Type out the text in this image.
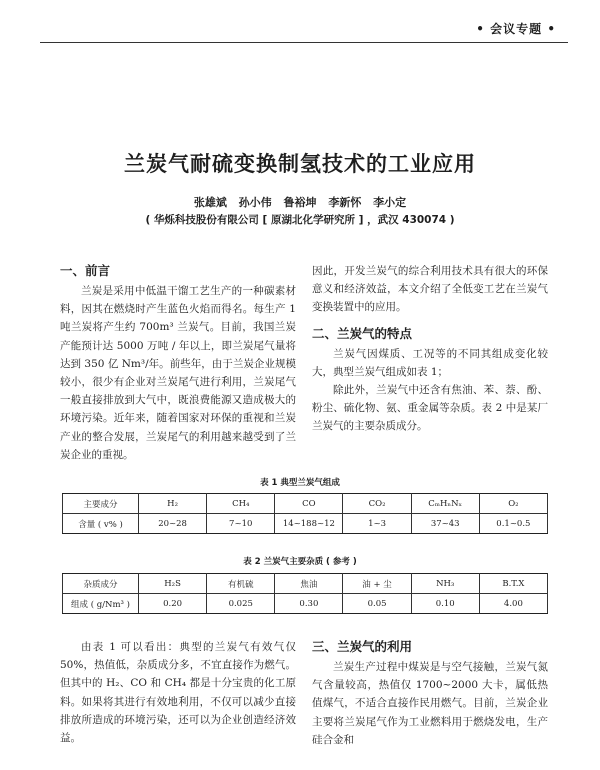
• 会议专题 •
兰炭气耐硫变换制氢技术的工业应用
张雄斌 孙小伟 鲁裕坤 李新怀 李小定
( 华烁科技股份有限公司 [ 原湖北化学研究所 ] ，武汉 430074 )
一、前言

兰炭是采用中低温干馏工艺生产的一种碳素材料，因其在燃烧时产生蓝色火焰而得名。每生产 1 吨兰炭将产生约 700m³ 兰炭气。目前，我国兰炭产能预计达 5000 万吨 / 年以上，即兰炭尾气量将达到 350 亿 Nm³/年。前些年，由于兰炭企业规模较小，很少有企业对兰炭尾气进行利用，兰炭尾气一般直接排放到大气中，既浪费能源又造成极大的环境污染。近年来，随着国家对环保的重视和兰炭产业的整合发展，兰炭尾气的利用越来越受到了兰炭企业的重视。

因此，开发兰炭气的综合利用技术具有很大的环保意义和经济效益，本文介绍了全低变工艺在兰炭气变换装置中的应用。

二、兰炭气的特点

兰炭气因煤质、工况等的不同其组成变化较大，典型兰炭气组成如表 1；

除此外，兰炭气中还含有焦油、苯、萘、酚、粉尘、硫化物、氨、重金属等杂质。表 2 中是某厂兰炭气的主要杂质成分。

表 1 典型兰炭气组成
主要成分	H₂	CH₄	CO	CO₂	CₘHₙNₓ	O₂
含量 ( v% )	20~28	7~10	14~188~12	1~3	37~43	0.1~0.5
表 2 兰炭气主要杂质 ( 参考 )
杂质成分	H₂S	有机硫	焦油	油 + 尘	NH₃	B.T.X
组成 ( g/Nm³ )	0.20	0.025	0.30	0.05	0.10	4.00

由表 1 可以看出：典型的兰炭气有效气仅 50%，热值低，杂质成分多，不宜直接作为燃气。但其中的 H₂、CO 和 CH₄ 都是十分宝贵的化工原料。如果将其进行有效地利用，不仅可以减少直接排放所造成的环境污染，还可以为企业创造经济效益。

三、兰炭气的利用

兰炭生产过程中煤炭是与空气接触，兰炭气氮气含量较高，热值仅 1700~2000 大卡，属低热值煤气，不适合直接作民用燃气。目前，兰炭企业主要将兰炭尾气作为工业燃料用于燃烧发电，生产硅合金和
